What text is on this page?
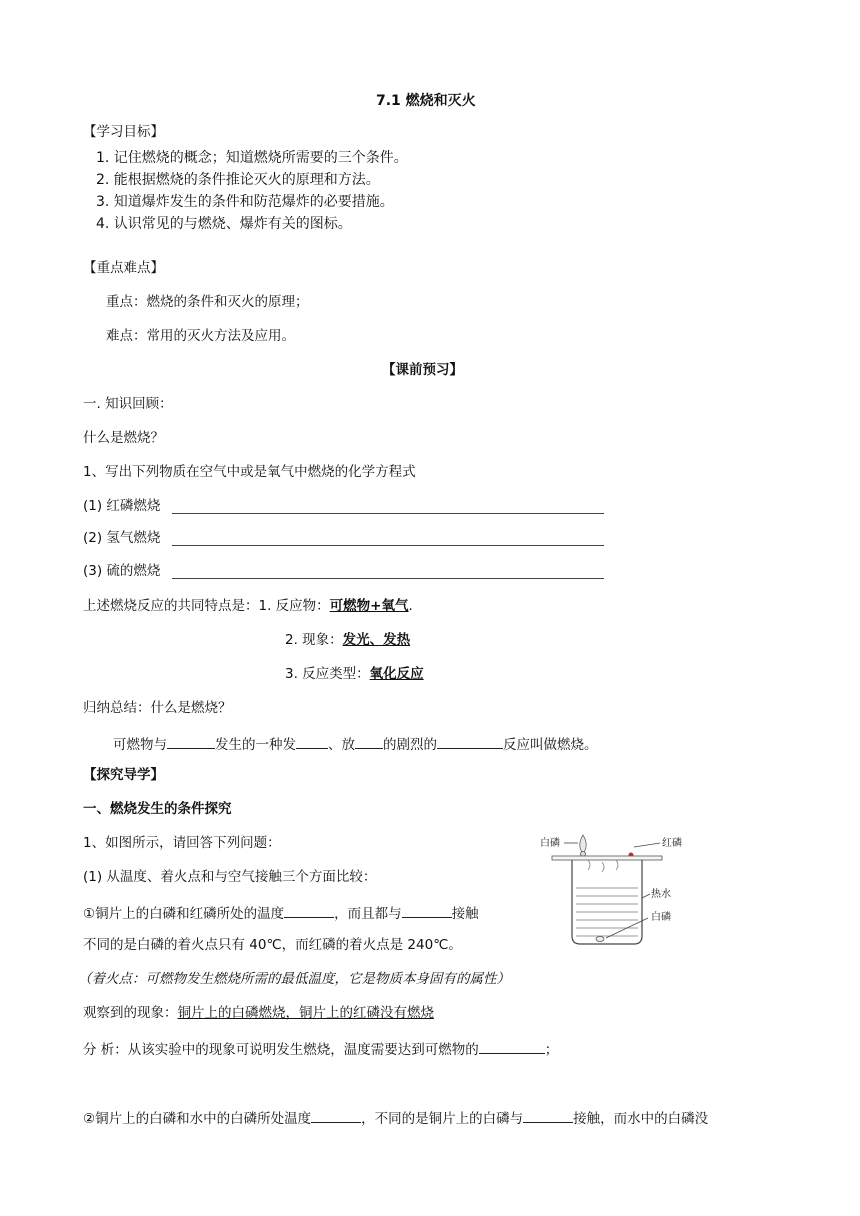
7.1 燃烧和灭火
【学习目标】
1. 记住燃烧的概念；知道燃烧所需要的三个条件。
2. 能根据燃烧的条件推论灭火的原理和方法。
3. 知道爆炸发生的条件和防范爆炸的必要措施。
4. 认识常见的与燃烧、爆炸有关的图标。
【重点难点】
重点：燃烧的条件和灭火的原理；
难点：常用的灭火方法及应用。
【课前预习】
一. 知识回顾：
什么是燃烧？
1、写出下列物质在空气中或是氧气中燃烧的化学方程式
(1) 红磷燃烧
(2) 氢气燃烧
(3) 硫的燃烧
上述燃烧反应的共同特点是：1. 反应物：可燃物+氧气.
2. 现象：发光、发热
3. 反应类型：氧化反应
归纳总结：什么是燃烧？
可燃物与	发生的一种发 、放 的剧烈的	反应叫做燃烧。
【探究导学】
一、燃烧发生的条件探究
1、如图所示，请回答下列问题：
(1) 从温度、着火点和与空气接触三个方面比较：
①铜片上的白磷和红磷所处的温度	，而且都与	接触
不同的是白磷的着火点只有 40℃，而红磷的着火点是 240℃。
（着火点：可燃物发生燃烧所需的最低温度，它是物质本身固有的属性）
观察到的现象：铜片上的白磷燃烧，铜片上的红磷没有燃烧
分 析：从该实验中的现象可说明发生燃烧，温度需要达到可燃物的	；
②铜片上的白磷和水中的白磷所处温度	，不同的是铜片上的白磷与	接触，而水中的白磷没
白磷	红磷
热水
白磷
